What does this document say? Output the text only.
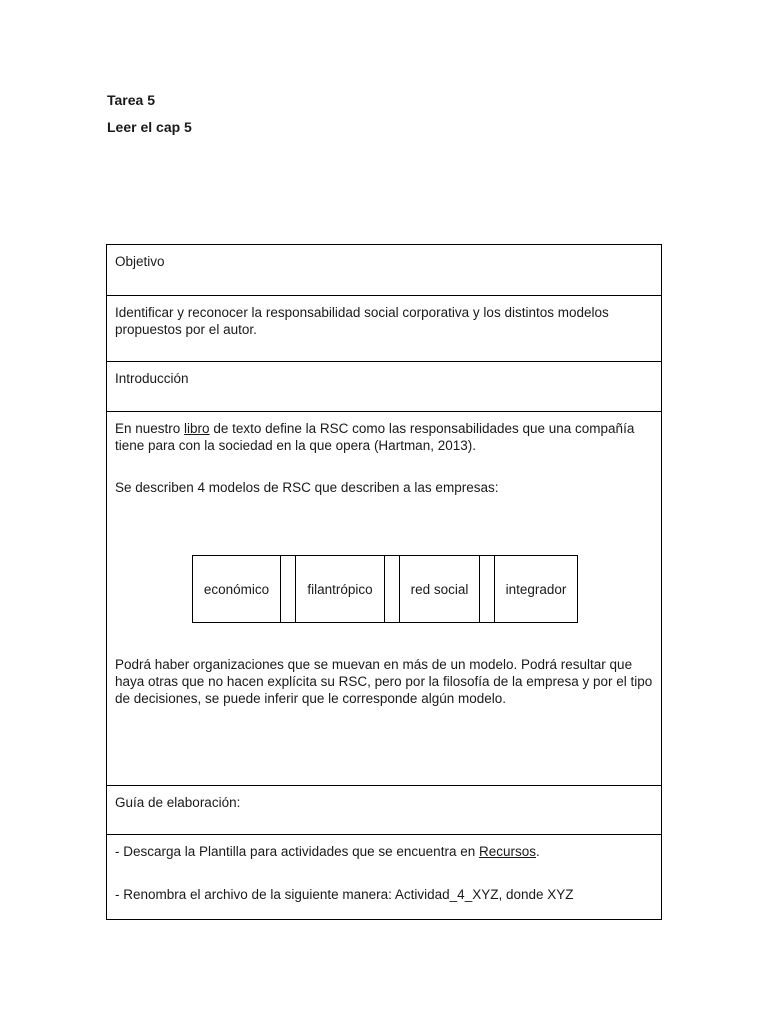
Tarea 5
Leer el cap 5
Objetivo

Identificar y reconocer la responsabilidad social corporativa y los distintos modelos propuestos por el autor.

Introducción

En nuestro libro de texto define la RSC como las responsabilidades que una compañía tiene para con la sociedad en la que opera (Hartman, 2013).

Se describen 4 modelos de RSC que describen a las empresas:

económico	filantrópico	red social	integrador

Podrá haber organizaciones que se muevan en más de un modelo. Podrá resultar que haya otras que no hacen explícita su RSC, pero por la filosofía de la empresa y por el tipo de decisiones, se puede inferir que le corresponde algún modelo.

Guía de elaboración:

- Descarga la Plantilla para actividades que se encuentra en Recursos.

- Renombra el archivo de la siguiente manera: Actividad_4_XYZ, donde XYZ
